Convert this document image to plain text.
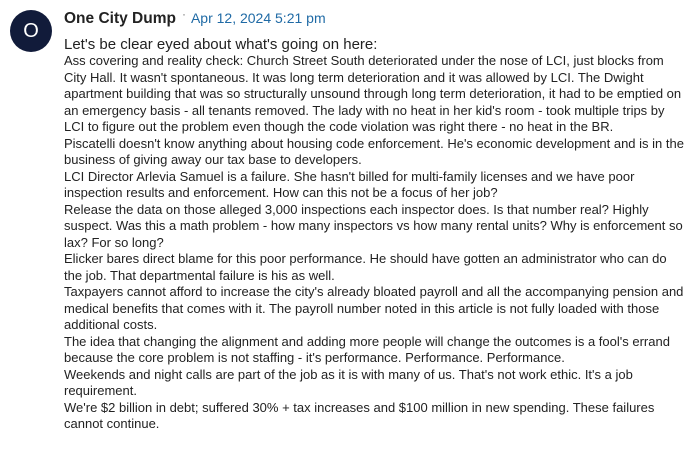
O
One City Dump · Apr 12, 2024 5:21 pm

Let's be clear eyed about what's going on here:

Ass covering and reality check: Church Street South deteriorated under the nose of LCI, just blocks from City Hall. It wasn't spontaneous. It was long term deterioration and it was allowed by LCI. The Dwight apartment building that was so structurally unsound through long term deterioration, it had to be emptied on an emergency basis - all tenants removed. The lady with no heat in her kid's room - took multiple trips by LCI to figure out the problem even though the code violation was right there - no heat in the BR.

Piscatelli doesn't know anything about housing code enforcement. He's economic development and is in the business of giving away our tax base to developers.

LCI Director Arlevia Samuel is a failure. She hasn't billed for multi-family licenses and we have poor inspection results and enforcement. How can this not be a focus of her job?

Release the data on those alleged 3,000 inspections each inspector does. Is that number real? Highly suspect. Was this a math problem - how many inspectors vs how many rental units? Why is enforcement so lax? For so long?

Elicker bares direct blame for this poor performance. He should have gotten an administrator who can do the job. That departmental failure is his as well.

Taxpayers cannot afford to increase the city's already bloated payroll and all the accompanying pension and medical benefits that comes with it. The payroll number noted in this article is not fully loaded with those additional costs.

The idea that changing the alignment and adding more people will change the outcomes is a fool's errand because the core problem is not staffing - it's performance. Performance. Performance.

Weekends and night calls are part of the job as it is with many of us. That's not work ethic. It's a job requirement.

We're $2 billion in debt; suffered 30% + tax increases and $100 million in new spending. These failures cannot continue.
